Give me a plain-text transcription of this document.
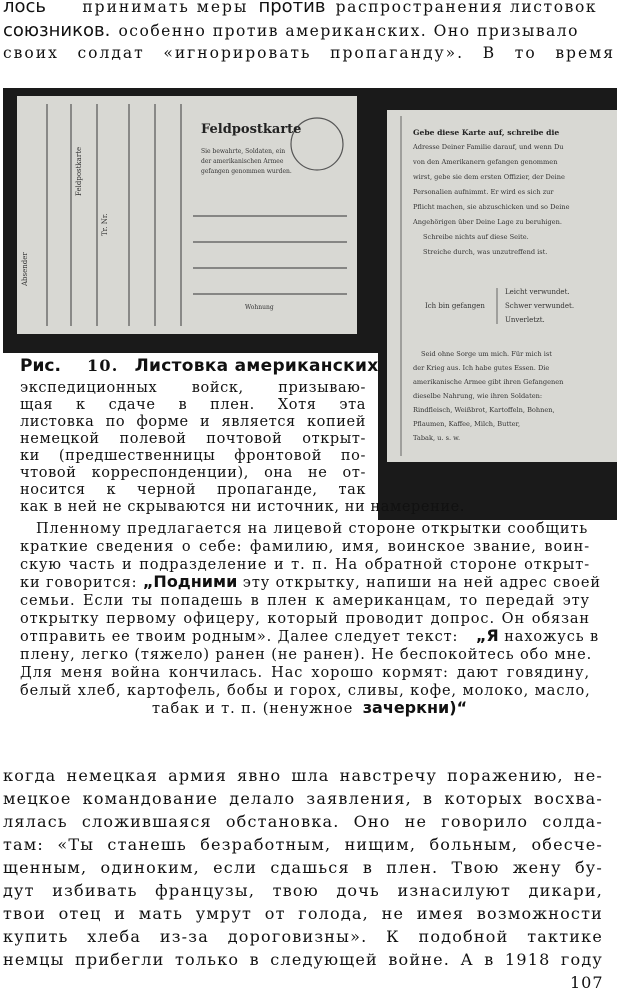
лось принимать меры против распространения листовок
союзников. особенно против американских. Оно призывало
своих солдат «игнорировать пропаганду». В то время
Feldpostkarte
Sie bewahrte, Soldaten, ein
der amerikanischen Armee
gefangen genommen wurden.
Absender
Feldpostkarte
Tr. Nr.
Wohnung
Gebe diese Karte auf, schreibe die
Adresse Deiner Familie darauf, und wenn Du
von den Amerikanern gefangen genommen
wirst, gebe sie dem ersten Offizier, der Deine
Personalien aufnimmt. Er wird es sich zur
Pflicht machen, sie abzuschicken und so Deine
Angehörigen über Deine Lage zu beruhigen.
Schreibe nichts auf diese Seite.
Streiche durch, was unzutreffend ist.
Ich bin gefangen
Leicht verwundet.
Schwer verwundet.
Unverletzt.
Seid ohne Sorge um mich. Für mich ist
der Krieg aus. Ich habe gutes Essen. Die
amerikanische Armee gibt ihren Gefangenen
dieselbe Nahrung, wie ihren Soldaten:
Rindfleisch, Weißbrot, Kartoffeln, Bohnen,
Pflaumen, Kaffee, Milch, Butter,
Tabak, u. s. w.
Рис. 10. Листовка американских
экспедиционных войск, призываю-
щая к сдаче в плен. Хотя эта
листовка по форме и является копией
немецкой полевой почтовой открыт-
ки (предшественницы фронтовой по-
чтовой корреспонденции), она не от-
носится к черной пропаганде, так
как в ней не скрываются ни источник, ни намерение.
Пленному предлагается на лицевой стороне открытки сообщить
краткие сведения о себе: фамилию, имя, воинское звание, воин-
скую часть и подразделение и т. п. На обратной стороне открыт-
ки говорится: „Подними эту открытку, напиши на ней адрес своей
семьи. Если ты попадешь в плен к американцам, то передай эту
открытку первому офицеру, который проводит допрос. Он обязан
отправить ее твоим родным». Далее следует текст: „Я нахожусь в
плену, легко (тяжело) ранен (не ранен). Не беспокойтесь обо мне.
Для меня война кончилась. Нас хорошо кормят: дают говядину,
белый хлеб, картофель, бобы и горох, сливы, кофе, молоко, масло,
табак и т. п. (ненужное зачеркни)“
когда немецкая армия явно шла навстречу поражению, не-
мецкое командование делало заявления, в которых восхва-
лялась сложившаяся обстановка. Оно не говорило солда-
там: «Ты станешь безработным, нищим, больным, обесче-
щенным, одиноким, если сдашься в плен. Твою жену бу-
дут избивать французы, твою дочь изнасилуют дикари,
твои отец и мать умрут от голода, не имея возможности
купить хлеба из-за дороговизны». К подобной тактике
немцы прибегли только в следующей войне. А в 1918 году
107
